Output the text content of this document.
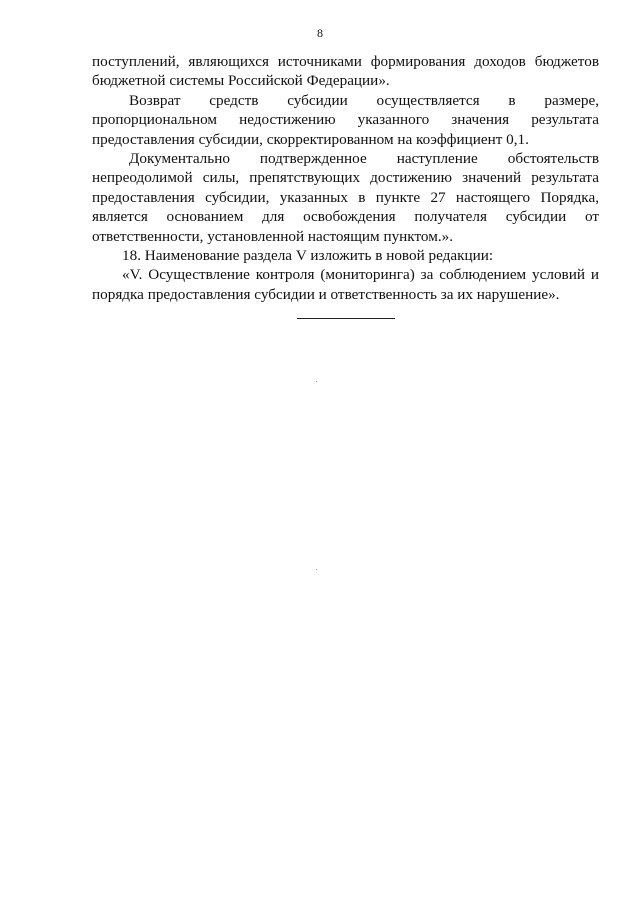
8

поступлений, являющихся источниками формирования доходов бюджетов бюджетной системы Российской Федерации».

Возврат средств субсидии осуществляется в размере, пропорциональном недостижению указанного значения результата предоставления субсидии, скорректированном на коэффициент 0,1.

Документально подтвержденное наступление обстоятельств непреодолимой силы, препятствующих достижению значений результата предоставления субсидии, указанных в пункте 27 настоящего Порядка, является основанием для освобождения получателя субсидии от ответственности, установленной настоящим пунктом.».

18. Наименование раздела V изложить в новой редакции:

«V. Осуществление контроля (мониторинга) за соблюдением условий и порядка предоставления субсидии и ответственность за их нарушение».
